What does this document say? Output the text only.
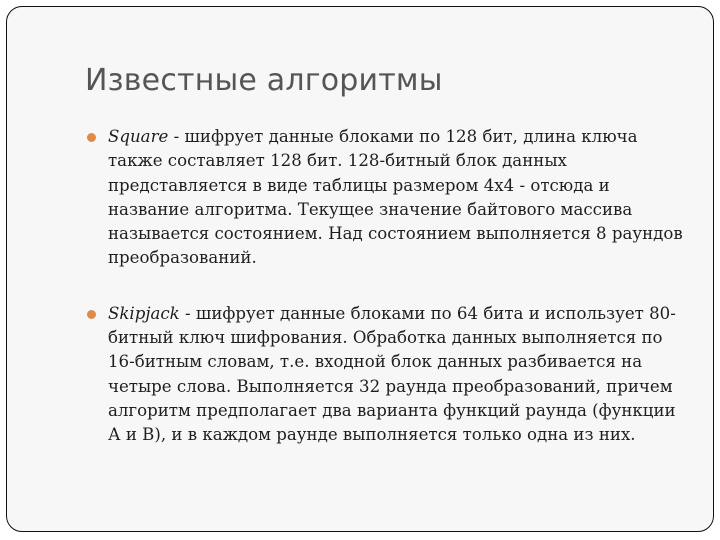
Известные алгоритмы

Square - шифрует данные блоками по 128 бит, длина ключа также составляет 128 бит. 128-битный блок данных представляется в виде таблицы размером 4х4 - отсюда и название алгоритма. Текущее значение байтового массива называется состоянием. Над состоянием выполняется 8 раундов преобразований.

Skipjack - шифрует данные блоками по 64 бита и использует 80-битный ключ шифрования. Обработка данных выполняется по 16-битным словам, т.е. входной блок данных разбивается на четыре слова. Выполняется 32 раунда преобразований, причем алгоритм предполагает два варианта функций раунда (функции А и В), и в каждом раунде выполняется только одна из них.
